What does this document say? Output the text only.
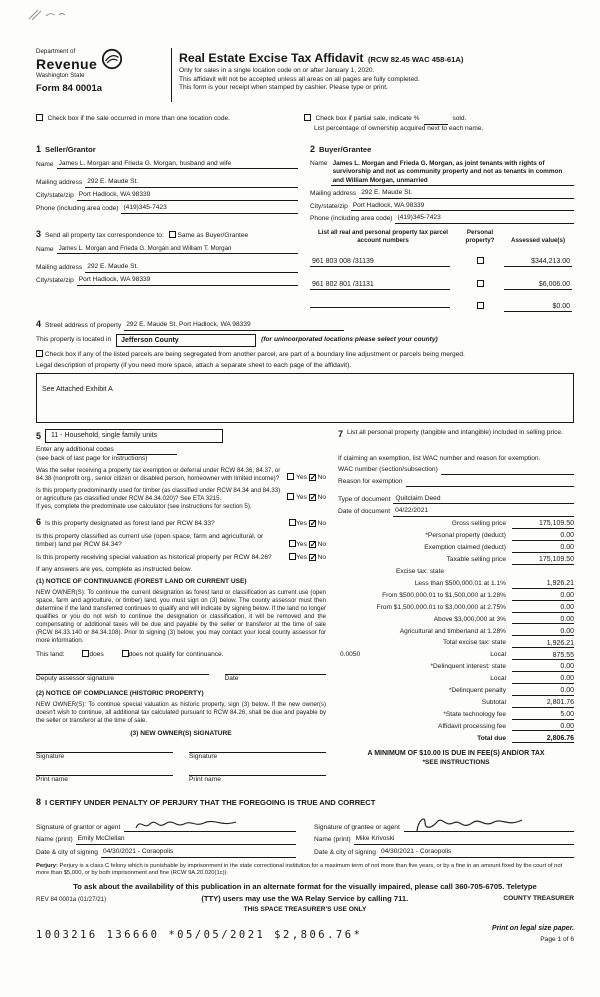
Department of
Revenue
Washington State
Form 84 0001a
Real Estate Excise Tax Affidavit (RCW 82.45 WAC 458-61A)
Only for sales in a single location code on or after January 1, 2020.
This affidavit will not be accepted unless all areas on all pages are fully completed.
This form is your receipt when stamped by cashier. Please type or print.
Check box if the sale occurred in more than one location code.	Check box if partial sale, indicate %	sold.
List percentage of ownership acquired next to each name.
1 Seller/Grantor
Name James L. Morgan and Frieda G. Morgan, husband and wife
Mailing address 292 E. Maude St.
City/state/zip Port Hadlock, WA 98339
Phone (including area code) (419)345-7423
2 Buyer/Grantee
Name James L. Morgan and Frieda G. Morgan, as joint tenants with rights of survivorship and not as community property and not as tenants in common and William Morgan, unmarried
Mailing address 292 E. Maude St.
City/state/zip Port Hadlock, WA 98339
Phone (including area code) (419)345-7423
3 Send all property tax correspondence to: Same as Buyer/Grantee
Name James L. Morgan and Frieda G. Morgan and William T. Morgan
Mailing address 292 E. Maude St.
City/state/zip Port Hadlock, WA 98339
List all real and personal property tax parcel account numbers
Personal property?	Assessed value(s)
961 803 008 /31139	$344,213.00
961 802 801 /31131	$6,006.00
$0.00
4 Street address of property 292 E. Maude St. Port Hadlock, WA 98339
This property is located in	Jefferson County	(for unincorporated locations please select your county)
Check box if any of the listed parcels are being segregated from another parcel, are part of a boundary line adjustment or parcels being merged.
Legal description of property (if you need more space, attach a separate sheet to each page of the affidavit).
See Attached Exhibit A
5	11 - Household, single family units
Enter any additional codes
(see back of last page for instructions)
Was the seller receiving a property tax exemption or deferral under RCW 84.36, 84.37, or 84.38 (nonprofit org., senior citizen or disabled person, homeowner with limited income)?	Yes ✓ No
Is this property predominantly used for timber (as classified under RCW 84.34 and 84.33) or agriculture (as classified under RCW 84.34.020)? See ETA 3215.	Yes ✓ No
If yes, complete the predominate use calculator (see instructions for section 5).
6 Is this property designated as forest land per RCW 84.33?	Yes ✓ No
Is this property classified as current use (open space, farm and agricultural, or timber) land per RCW 84.34?	Yes ✓ No
Is this property receiving special valuation as historical property per RCW 84.26?	Yes ✓ No
If any answers are yes, complete as instructed below.
(1) NOTICE OF CONTINUANCE (FOREST LAND OR CURRENT USE)
NEW OWNER(S): To continue the current designation as forest land or classification as current use (open space, farm and agriculture, or timber) land, you must sign on (3) below. The county assessor must then determine if the land transferred continues to qualify and will indicate by signing below. If the land no longer qualifies or you do not wish to continue the designation or classification, it will be removed and the compensating or additional taxes will be due and payable by the seller or transferor at the time of sale (RCW 84.33.140 or 84.34.108). Prior to signing (3) below, you may contact your local county assessor for more information.
This land:	does	does not qualify for continuance.
Deputy assessor signature	Date
(2) NOTICE OF COMPLIANCE (HISTORIC PROPERTY)
NEW OWNER(S): To continue special valuation as historic property, sign (3) below. If the new owner(s) doesn't wish to continue, all additional tax calculated pursuant to RCW 84.26, shall be due and payable by the seller or transferor at the time of sale.
(3) NEW OWNER(S) SIGNATURE
Signature	Signature
Print name	Print name
7 List all personal property (tangible and intangible) included in selling price.
If claiming an exemption, list WAC number and reason for exemption.
WAC number (section/subsection)
Reason for exemption
Type of document Quitclaim Deed
Date of document 04/22/2021
Gross selling price	175,109.50
*Personal property (deduct)	0.00
Exemption claimed (deduct)	0.00
Taxable selling price	175,109.50
Excise tax: state
Less than $500,000.01 at 1.1%	1,926.21
From $500,000.01 to $1,500,000 at 1.28%	0.00
From $1,500,000.01 to $3,000,000 at 2.75%	0.00
Above $3,000,000 at 3%	0.00
Agricultural and timberland at 1.28%	0.00
Total excise tax: state	1,926.21
0.0050	Local	875.55
*Delinquent interest: state	0.00
Local	0.00
*Delinquent penalty	0.00
Subtotal	2,801.76
*State technology fee	5.00
Affidavit processing fee	0.00
Total due	2,806.76
A MINIMUM OF $10.00 IS DUE IN FEE(S) AND/OR TAX
*SEE INSTRUCTIONS
8 I CERTIFY UNDER PENALTY OF PERJURY THAT THE FOREGOING IS TRUE AND CORRECT
Signature of grantor or agent
Name (print) Emily McClellan
Date & city of signing 04/30/2021 - Coraopolis
Signature of grantee or agent
Name (print) Mike Krivoski
Date & city of signing 04/30/2021 - Coraopolis
Perjury: Perjury is a class C felony which is punishable by imprisonment in the state correctional institution for a maximum term of not more than five years, or by a fine in an amount fixed by the court of not more than $5,000, or by both imprisonment and fine (RCW 9A.20.020(1c)).
To ask about the availability of this publication in an alternate format for the visually impaired, please call 360-705-6705. Teletype
REV 84 0001a (01/27/21)	(TTY) users may use the WA Relay Service by calling 711.	COUNTY TREASURER
THIS SPACE TREASURER'S USE ONLY
1003216 136660 *05/05/2021 $2,806.76*
Print on legal size paper.
Page 1 of 6
